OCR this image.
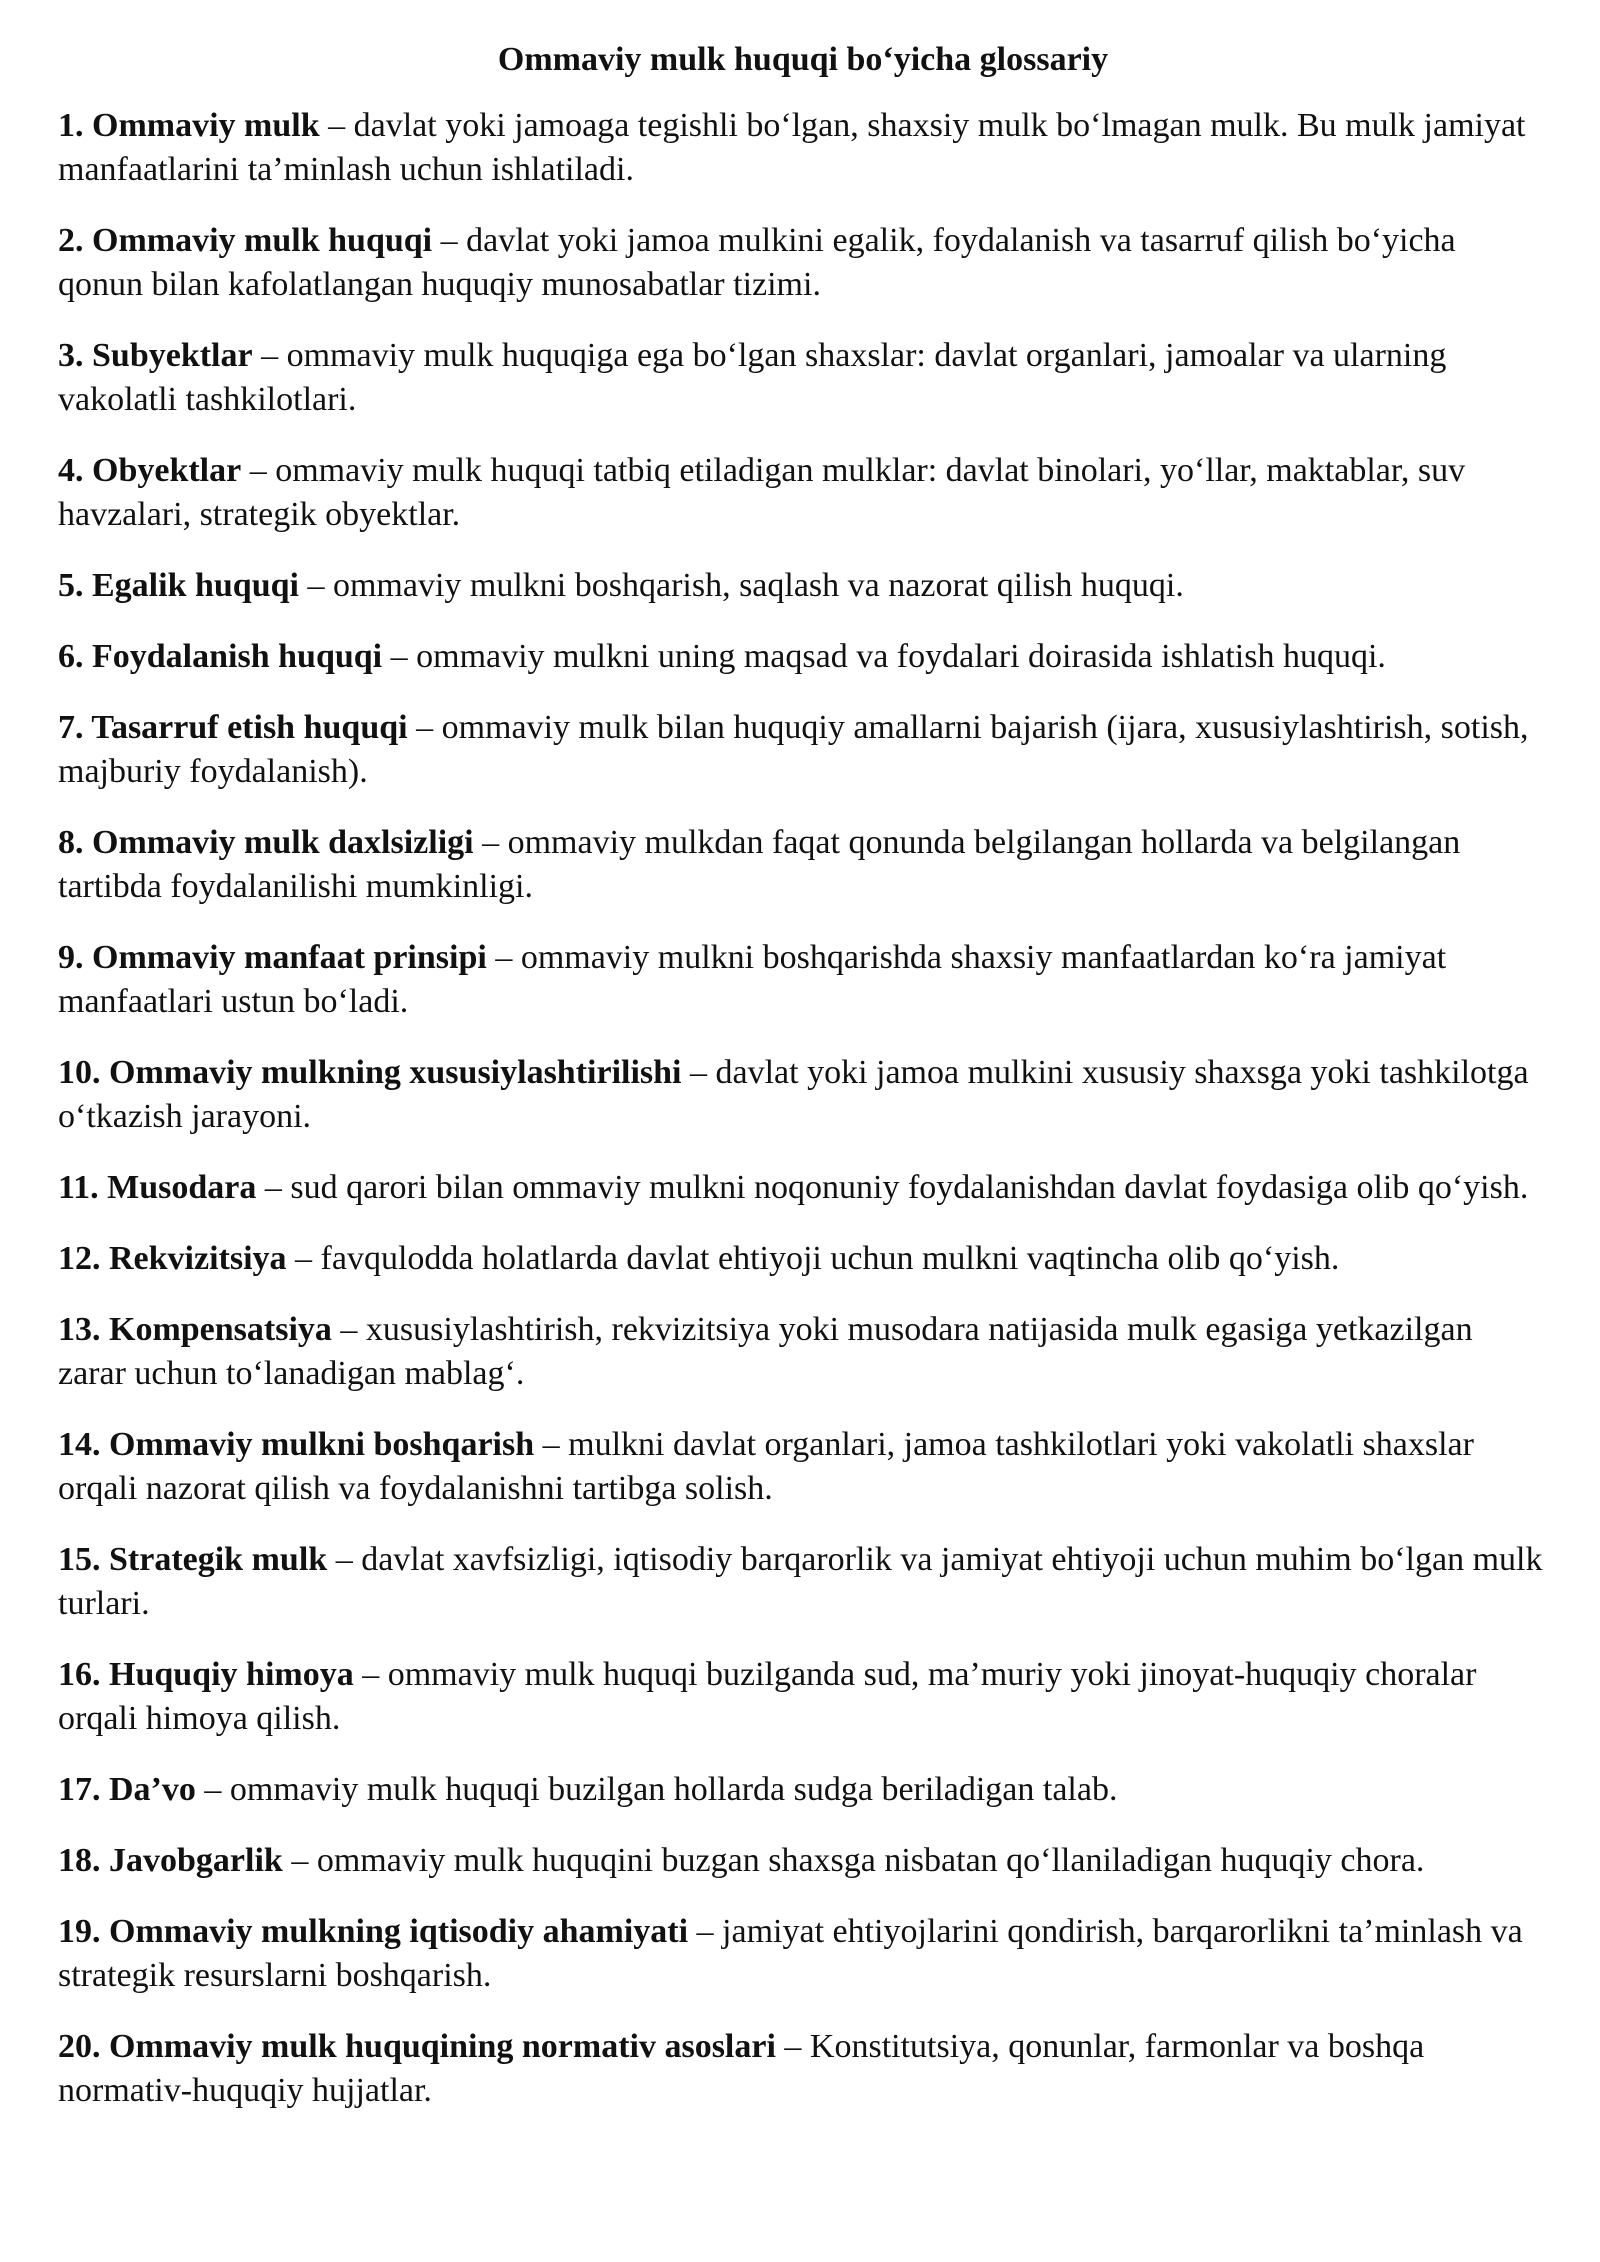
Ommaviy mulk huquqi bo‘yicha glossariy

1. Ommaviy mulk – davlat yoki jamoaga tegishli bo‘lgan, shaxsiy mulk bo‘lmagan mulk. Bu mulk jamiyat manfaatlarini ta’minlash uchun ishlatiladi.

2. Ommaviy mulk huquqi – davlat yoki jamoa mulkini egalik, foydalanish va tasarruf qilish bo‘yicha qonun bilan kafolatlangan huquqiy munosabatlar tizimi.

3. Subyektlar – ommaviy mulk huquqiga ega bo‘lgan shaxslar: davlat organlari, jamoalar va ularning vakolatli tashkilotlari.

4. Obyektlar – ommaviy mulk huquqi tatbiq etiladigan mulklar: davlat binolari, yo‘llar, maktablar, suv havzalari, strategik obyektlar.

5. Egalik huquqi – ommaviy mulkni boshqarish, saqlash va nazorat qilish huquqi.

6. Foydalanish huquqi – ommaviy mulkni uning maqsad va foydalari doirasida ishlatish huquqi.

7. Tasarruf etish huquqi – ommaviy mulk bilan huquqiy amallarni bajarish (ijara, xususiylashtirish, sotish, majburiy foydalanish).

8. Ommaviy mulk daxlsizligi – ommaviy mulkdan faqat qonunda belgilangan hollarda va belgilangan tartibda foydalanilishi mumkinligi.

9. Ommaviy manfaat prinsipi – ommaviy mulkni boshqarishda shaxsiy manfaatlardan ko‘ra jamiyat manfaatlari ustun bo‘ladi.

10. Ommaviy mulkning xususiylashtirilishi – davlat yoki jamoa mulkini xususiy shaxsga yoki tashkilotga o‘tkazish jarayoni.

11. Musodara – sud qarori bilan ommaviy mulkni noqonuniy foydalanishdan davlat foydasiga olib qo‘yish.

12. Rekvizitsiya – favqulodda holatlarda davlat ehtiyoji uchun mulkni vaqtincha olib qo‘yish.

13. Kompensatsiya – xususiylashtirish, rekvizitsiya yoki musodara natijasida mulk egasiga yetkazilgan zarar uchun to‘lanadigan mablag‘.

14. Ommaviy mulkni boshqarish – mulkni davlat organlari, jamoa tashkilotlari yoki vakolatli shaxslar orqali nazorat qilish va foydalanishni tartibga solish.

15. Strategik mulk – davlat xavfsizligi, iqtisodiy barqarorlik va jamiyat ehtiyoji uchun muhim bo‘lgan mulk turlari.

16. Huquqiy himoya – ommaviy mulk huquqi buzilganda sud, ma’muriy yoki jinoyat-huquqiy choralar orqali himoya qilish.

17. Da’vo – ommaviy mulk huquqi buzilgan hollarda sudga beriladigan talab.

18. Javobgarlik – ommaviy mulk huquqini buzgan shaxsga nisbatan qo‘llaniladigan huquqiy chora.

19. Ommaviy mulkning iqtisodiy ahamiyati – jamiyat ehtiyojlarini qondirish, barqarorlikni ta’minlash va strategik resurslarni boshqarish.

20. Ommaviy mulk huquqining normativ asoslari – Konstitutsiya, qonunlar, farmonlar va boshqa normativ-huquqiy hujjatlar.
